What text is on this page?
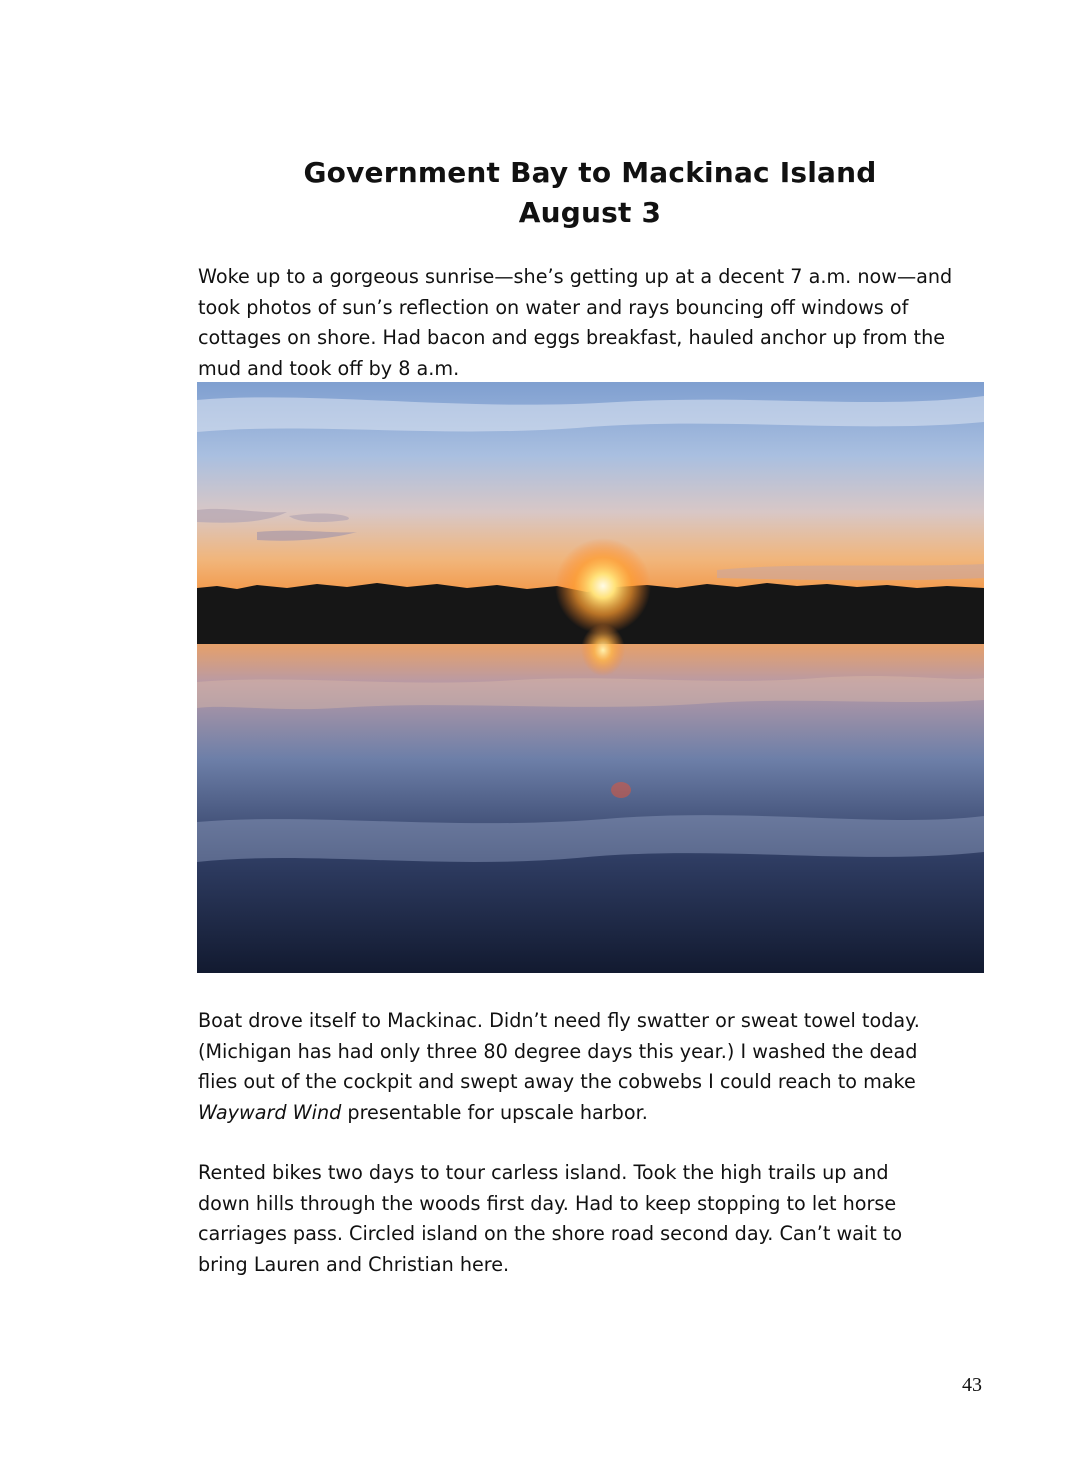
Government Bay to Mackinac Island
August 3

Woke up to a gorgeous sunrise—she’s getting up at a decent 7 a.m. now—and
took photos of sun’s reflection on water and rays bouncing off windows of
cottages on shore. Had bacon and eggs breakfast, hauled anchor up from the
mud and took off by 8 a.m.

Boat drove itself to Mackinac. Didn’t need fly swatter or sweat towel today.
(Michigan has had only three 80 degree days this year.) I washed the dead
flies out of the cockpit and swept away the cobwebs I could reach to make
Wayward Wind presentable for upscale harbor.

Rented bikes two days to tour carless island. Took the high trails up and
down hills through the woods first day. Had to keep stopping to let horse
carriages pass. Circled island on the shore road second day. Can’t wait to
bring Lauren and Christian here.

43
